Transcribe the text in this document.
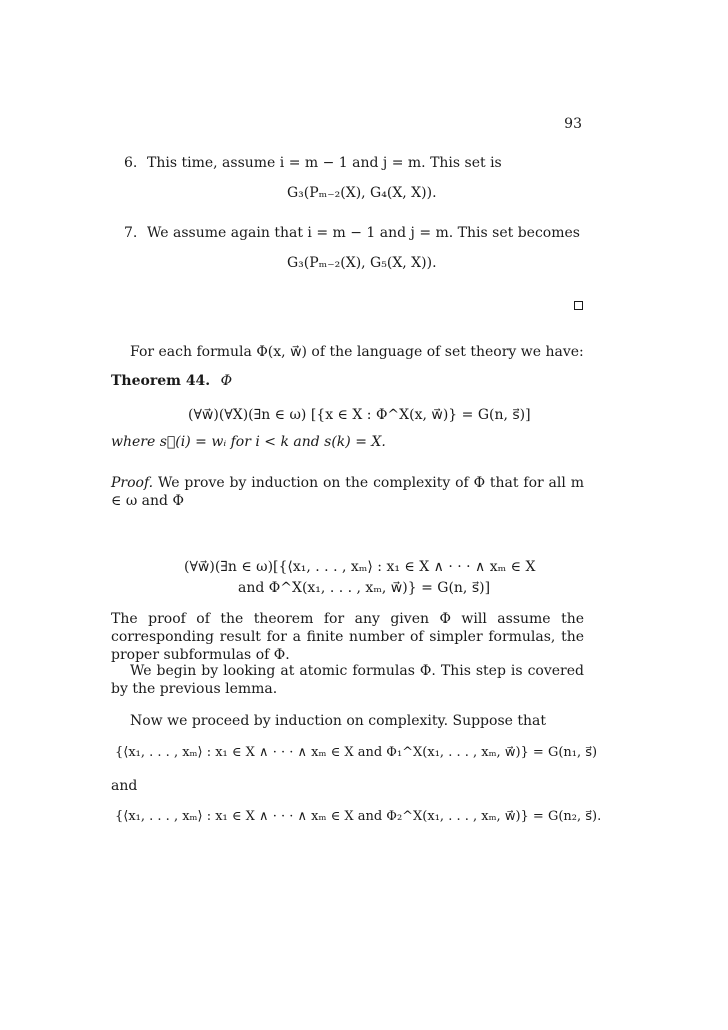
93
6. This time, assume i = m − 1 and j = m. This set is
G₃(Pₘ₋₂(X), G₄(X, X)).
7. We assume again that i = m − 1 and j = m. This set becomes
G₃(Pₘ₋₂(X), G₅(X, X)).
For each formula Φ(x, w⃗) of the language of set theory we have:
Theorem 44. Φ
(∀w⃗)(∀X)(∃n ∈ ω) [{x ∈ X : Φ^X(x, w⃗)} = G(n, s⃗)]
where s⃗(i) = wᵢ for i < k and s(k) = X.
Proof. We prove by induction on the complexity of Φ that for all m ∈ ω and Φ
(∀w⃗)(∃n ∈ ω)[{⟨x₁, . . . , xₘ⟩ : x₁ ∈ X ∧ · · · ∧ xₘ ∈ X
and Φ^X(x₁, . . . , xₘ, w⃗)} = G(n, s⃗)]
The proof of the theorem for any given Φ will assume the corresponding result for a finite number of simpler formulas, the proper subformulas of Φ.
We begin by looking at atomic formulas Φ. This step is covered by the previous lemma.
Now we proceed by induction on complexity. Suppose that
{⟨x₁, . . . , xₘ⟩ : x₁ ∈ X ∧ · · · ∧ xₘ ∈ X and Φ₁^X(x₁, . . . , xₘ, w⃗)} = G(n₁, s⃗)
and
{⟨x₁, . . . , xₘ⟩ : x₁ ∈ X ∧ · · · ∧ xₘ ∈ X and Φ₂^X(x₁, . . . , xₘ, w⃗)} = G(n₂, s⃗).
